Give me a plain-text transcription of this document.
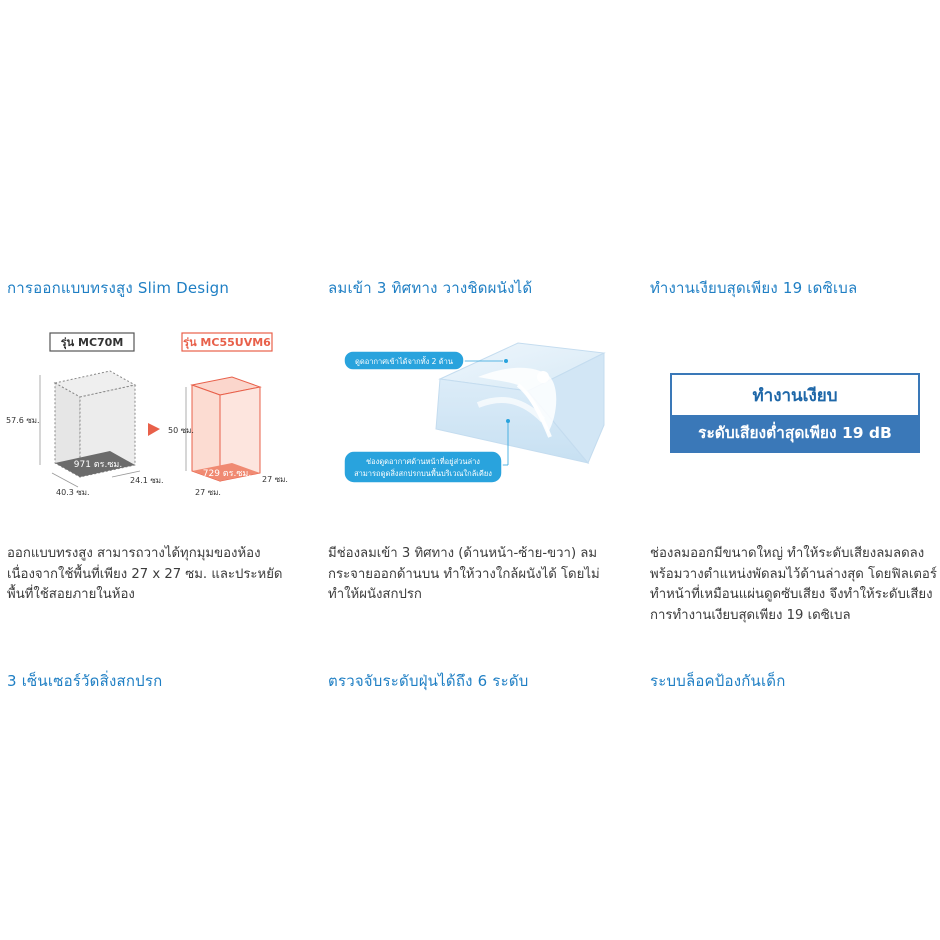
การออกแบบทรงสูง Slim Design	ลมเข้า 3 ทิศทาง วางชิดผนังได้	ทำงานเงียบสุดเพียง 19 เดซิเบล
3 เซ็นเซอร์วัดสิ่งสกปรก	ตรวจจับระดับฝุ่นได้ถึง 6 ระดับ	ระบบล็อคป้องกันเด็ก
รุ่น MC70M	รุ่น MC55UVM6
971 ตร.ซม.
57.6 ซม.
40.3 ซม.
24.1 ซม.
729 ตร.ซม.
50 ซม.
27 ซม.
27 ซม.
ดูดอากาศเข้าได้จากทั้ง 2 ด้าน
ช่องดูดอากาศด้านหน้าที่อยู่ส่วนล่าง
สามารถดูดสิ่งสกปรกบนพื้นบริเวณใกล้เคียง
ทำงานเงียบ
ระดับเสียงต่ำสุดเพียง 19 dB

ออกแบบทรงสูง สามารถวางได้ทุกมุมของห้อง
เนื่องจากใช้พื้นที่เพียง 27 x 27 ซม. และประหยัด
พื้นที่ใช้สอยภายในห้อง

มีช่องลมเข้า 3 ทิศทาง (ด้านหน้า-ซ้าย-ขวา) ลม
กระจายออกด้านบน ทำให้วางใกล้ผนังได้ โดยไม่
ทำให้ผนังสกปรก

ช่องลมออกมีขนาดใหญ่ ทำให้ระดับเสียงลมลดลง
พร้อมวางตำแหน่งพัดลมไว้ด้านล่างสุด โดยฟิลเตอร์
ทำหน้าที่เหมือนแผ่นดูดซับเสียง จึงทำให้ระดับเสียง
การทำงานเงียบสุดเพียง 19 เดซิเบล
